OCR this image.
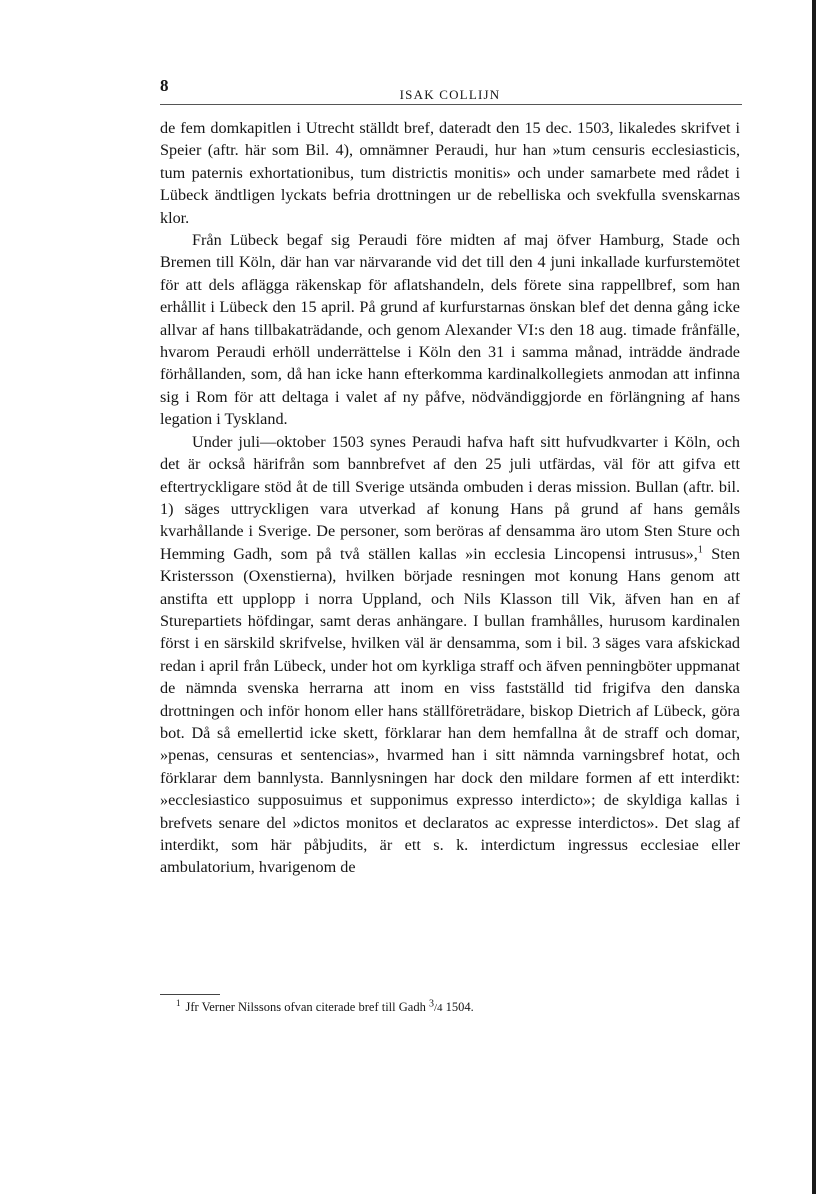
8	ISAK COLLIJN

de fem domkapitlen i Utrecht ställdt bref, dateradt den 15 dec. 1503, likaledes skrifvet i Speier (aftr. här som Bil. 4), omnämner Peraudi, hur han »tum censuris ecclesiasticis, tum paternis exhortationibus, tum districtis monitis» och under samarbete med rådet i Lübeck ändtligen lyckats befria drottningen ur de rebelliska och svekfulla svenskarnas klor.

Från Lübeck begaf sig Peraudi före midten af maj öfver Hamburg, Stade och Bremen till Köln, där han var närvarande vid det till den 4 juni inkallade kurfurstemötet för att dels aflägga räkenskap för aflatshandeln, dels förete sina rappellbref, som han erhållit i Lübeck den 15 april. På grund af kurfurstarnas önskan blef det denna gång icke allvar af hans tillbakaträdande, och genom Alexander VI:s den 18 aug. timade frånfälle, hvarom Peraudi erhöll underrättelse i Köln den 31 i samma månad, inträdde ändrade förhållanden, som, då han icke hann efterkomma kardinalkollegiets anmodan att infinna sig i Rom för att deltaga i valet af ny påfve, nödvändiggjorde en förlängning af hans legation i Tyskland.

Under juli—oktober 1503 synes Peraudi hafva haft sitt hufvudkvarter i Köln, och det är också härifrån som bannbrefvet af den 25 juli utfärdas, väl för att gifva ett eftertryckligare stöd åt de till Sverige utsända ombuden i deras mission. Bullan (aftr. bil. 1) säges uttryckligen vara utverkad af konung Hans på grund af hans gemåls kvarhållande i Sverige. De personer, som beröras af densamma äro utom Sten Sture och Hemming Gadh, som på två ställen kallas »in ecclesia Lincopensi intrusus»,$^1$ Sten Kristersson (Oxenstierna), hvilken började resningen mot konung Hans genom att anstifta ett upplopp i norra Uppland, och Nils Klasson till Vik, äfven han en af Sturepartiets höfdingar, samt deras anhängare. I bullan framhålles, hurusom kardinalen först i en särskild skrifvelse, hvilken väl är densamma, som i bil. 3 säges vara afskickad redan i april från Lübeck, under hot om kyrkliga straff och äfven penningböter uppmanat de nämnda svenska herrarna att inom en viss fastställd tid frigifva den danska drottningen och inför honom eller hans ställföreträdare, biskop Dietrich af Lübeck, göra bot. Då så emellertid icke skett, förklarar han dem hemfallna åt de straff och domar, »penas, censuras et sentencias», hvarmed han i sitt nämnda varningsbref hotat, och förklarar dem bannlysta. Bannlysningen har dock den mildare formen af ett interdikt: »ecclesiastico supposuimus et supponimus expresso interdicto»; de skyldiga kallas i brefvets senare del »dictos monitos et declaratos ac expresse interdictos». Det slag af interdikt, som här påbjudits, är ett s. k. interdictum ingressus ecclesiae eller ambulatorium, hvarigenom de

$^1$ Jfr Verner Nilssons ofvan citerade bref till Gadh $^3$/4 1504.
